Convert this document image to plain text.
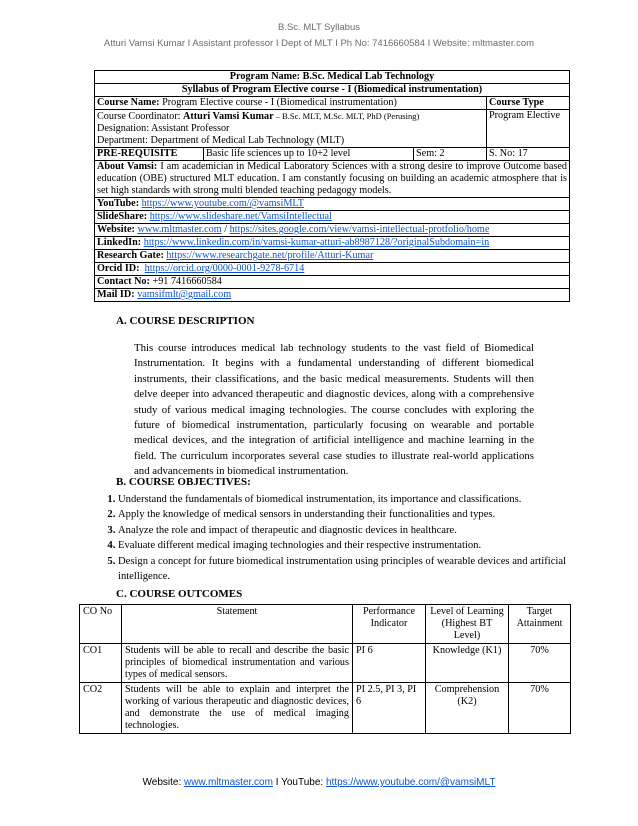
B.Sc. MLT Syllabus
Atturi Vamsi Kumar I Assistant professor I Dept of MLT I Ph No: 7416660584 I Website: mltmaster.com
Program Name: B.Sc. Medical Lab Technology			
Syllabus of Program Elective course - I (Biomedical instrumentation)			
Course Name: Program Elective course - I (Biomedical instrumentation)			Course Type

Course Coordinator: Atturi Vamsi Kumar – B.Sc. MLT, M.Sc. MLT, PhD (Perusing)
Designation: Assistant Professor
Department: Department of Medical Lab Technology (MLT)			Program Elective
PRE-REQUISITE	Basic life sciences up to 10+2 level	Sem: 2	S. No: 17
About Vamsi: I am academician in Medical Laboratory Sciences with a strong desire to improve Outcome based education (OBE) structured MLT education. I am constantly focusing on building an academic atmosphere that is set high standards with strong multi blended teaching pedagogy models.			
YouTube: https://www.youtube.com/@vamsiMLT			
SlideShare: https://www.slideshare.net/VamsiIntellectual			
Website: www.mltmaster.com / https://sites.google.com/view/vamsi-intellectual-protfolio/home			
LinkedIn: https://www.linkedin.com/in/vamsi-kumar-atturi-ab8987128/?originalSubdomain=in			
Research Gate: https://www.researchgate.net/profile/Atturi-Kumar			
Orcid ID: https://orcid.org/0000-0001-9278-6714			
Contact No: +91 7416660584			
Mail ID: vamsifmlt@gmail.com			
A. COURSE DESCRIPTION
This course introduces medical lab technology students to the vast field of Biomedical Instrumentation. It begins with a fundamental understanding of different biomedical instruments, their classifications, and the basic medical measurements. Students will then delve deeper into advanced therapeutic and diagnostic devices, along with a comprehensive study of various medical imaging technologies. The course concludes with exploring the future of biomedical instrumentation, particularly focusing on wearable and portable medical devices, and the integration of artificial intelligence and machine learning in the field. The curriculum incorporates several case studies to illustrate real-world applications and advancements in biomedical instrumentation.
B. COURSE OBJECTIVES:
1. Understand the fundamentals of biomedical instrumentation, its importance and classifications.
2. Apply the knowledge of medical sensors in understanding their functionalities and types.
3. Analyze the role and impact of therapeutic and diagnostic devices in healthcare.
4. Evaluate different medical imaging technologies and their respective instrumentation.
5. Design a concept for future biomedical instrumentation using principles of wearable devices and artificial intelligence.
C. COURSE OUTCOMES
CO No	Statement	Performance Indicator	Level of Learning (Highest BT Level)	Target Attainment
CO1	Students will be able to recall and describe the basic principles of biomedical instrumentation and various types of medical sensors.	PI 6	Knowledge (K1)	70%
CO2	Students will be able to explain and interpret the working of various therapeutic and diagnostic devices, and demonstrate the use of medical imaging technologies.	PI 2.5, PI 3, PI 6	Comprehension (K2)	70%
Website: www.mltmaster.com I YouTube: https://www.youtube.com/@vamsiMLT
